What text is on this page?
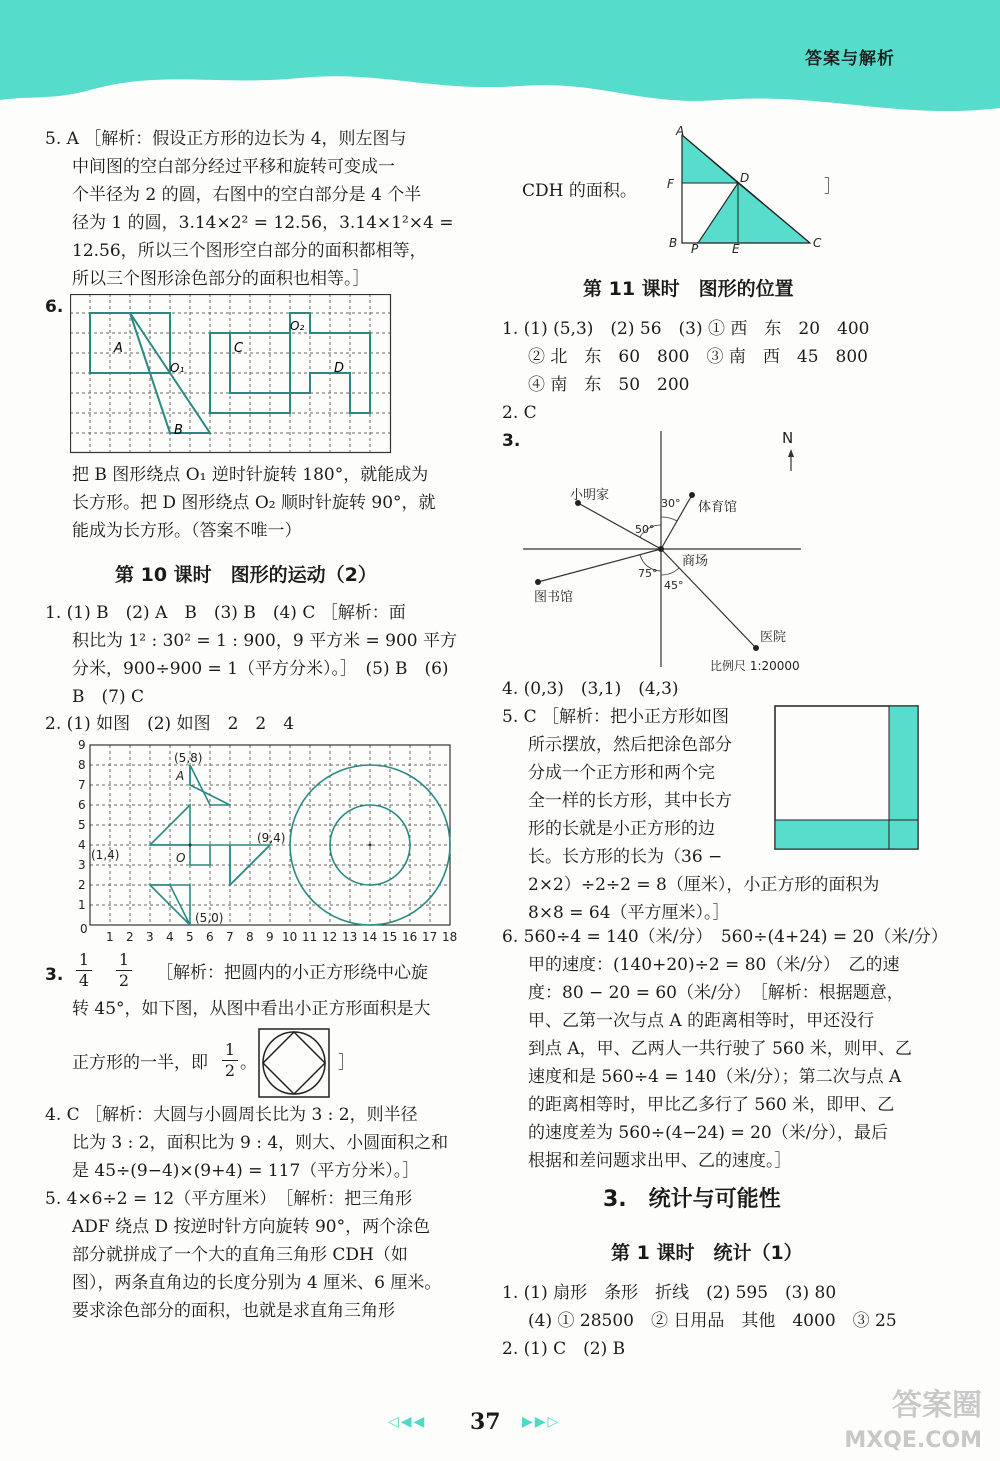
答案与解析
5. A ［解析：假设正方形的边长为 4，则左图与
中间图的空白部分经过平移和旋转可变成一
个半径为 2 的圆，右图中的空白部分是 4 个半
径为 1 的圆，3.14×2² = 12.56，3.14×1²×4 =
12.56，所以三个图形空白部分的面积都相等，
所以三个图形涂色部分的面积也相等。］
6.
A
O₁
B
C
O₂
D
把 B 图形绕点 O₁ 逆时针旋转 180°，就能成为
长方形。把 D 图形绕点 O₂ 顺时针旋转 90°，就
能成为长方形。（答案不唯一）
第 10 课时　图形的运动（2）
1. (1) B　(2) A　B　(3) B　(4) C ［解析：面
积比为 1² : 30² = 1 : 900，9 平方米 = 900 平方
分米，900÷900 = 1（平方分米）。］　(5) B　(6)
B　(7) C
2. (1) 如图　(2) 如图　2　2　4
9
8
7
6
5
4
3
2
1
0
1 2 3 4 5 6 7 8 9 10 11 12 13 14 15 16 17 18
(5,8)
A
(9,4)
(1,4)	O
(5,0)
3. $\frac{1}{4} \frac{1}{2}$ ［解析：把圆内的小正方形绕中心旋
转 45°，如下图，从图中看出小正方形面积是大
正方形的一半，即 $\frac{1}{2}$ 。	］
4. C ［解析：大圆与小圆周长比为 3 : 2，则半径
比为 3 : 2，面积比为 9 : 4，则大、小圆面积之和
是 45÷(9−4)×(9+4) = 117（平方分米）。］
5. 4×6÷2 = 12（平方厘米）　［解析：把三角形
ADF 绕点 D 按逆时针方向旋转 90°，两个涂色
部分就拼成了一个大的直角三角形 CDH（如
图），两条直角边的长度分别为 4 厘米、6 厘米。
要求涂色部分的面积，也就是求直角三角形
CDH 的面积。
A
F	D
B P	E	C
］
第 11 课时　图形的位置
1. (1) (5,3)　(2) 56　(3) ① 西　东　20　400
② 北　东　60　800　③ 南　西　45　800
④ 南　东　50　200
2. C
3.	N
小明家
30° 体育馆
50°
商场
75°
45°
图书馆
医院
比例尺 1:20000
4. (0,3)　(3,1)　(4,3)
5. C ［解析：把小正方形如图
所示摆放，然后把涂色部分
分成一个正方形和两个完
全一样的长方形，其中长方
形的长就是小正方形的边
长。长方形的长为（36 −
2×2）÷2÷2 = 8（厘米），小正方形的面积为
8×8 = 64（平方厘米）。］
6. 560÷4 = 140（米/分）　560÷(4+24) = 20（米/分）
甲的速度：(140+20)÷2 = 80（米/分）　乙的速
度：80 − 20 = 60（米/分）　［解析：根据题意，
甲、乙第一次与点 A 的距离相等时，甲还没行
到点 A，甲、乙两人一共行驶了 560 米，则甲、乙
速度和是 560÷4 = 140（米/分）；第二次与点 A
的距离相等时，甲比乙多行了 560 米，即甲、乙
的速度差为 560÷(4−24) = 20（米/分），最后
根据和差问题求出甲、乙的速度。］
3.　统计与可能性
第 1 课时　统计（1）
1. (1) 扇形　条形　折线　(2) 595　(3) 80
(4) ① 28500　② 日用品　其他　4000　③ 25
2. (1) C　(2) B
◁◀◀ 37 ▶▶▷	答案圈
MXQE.COM
